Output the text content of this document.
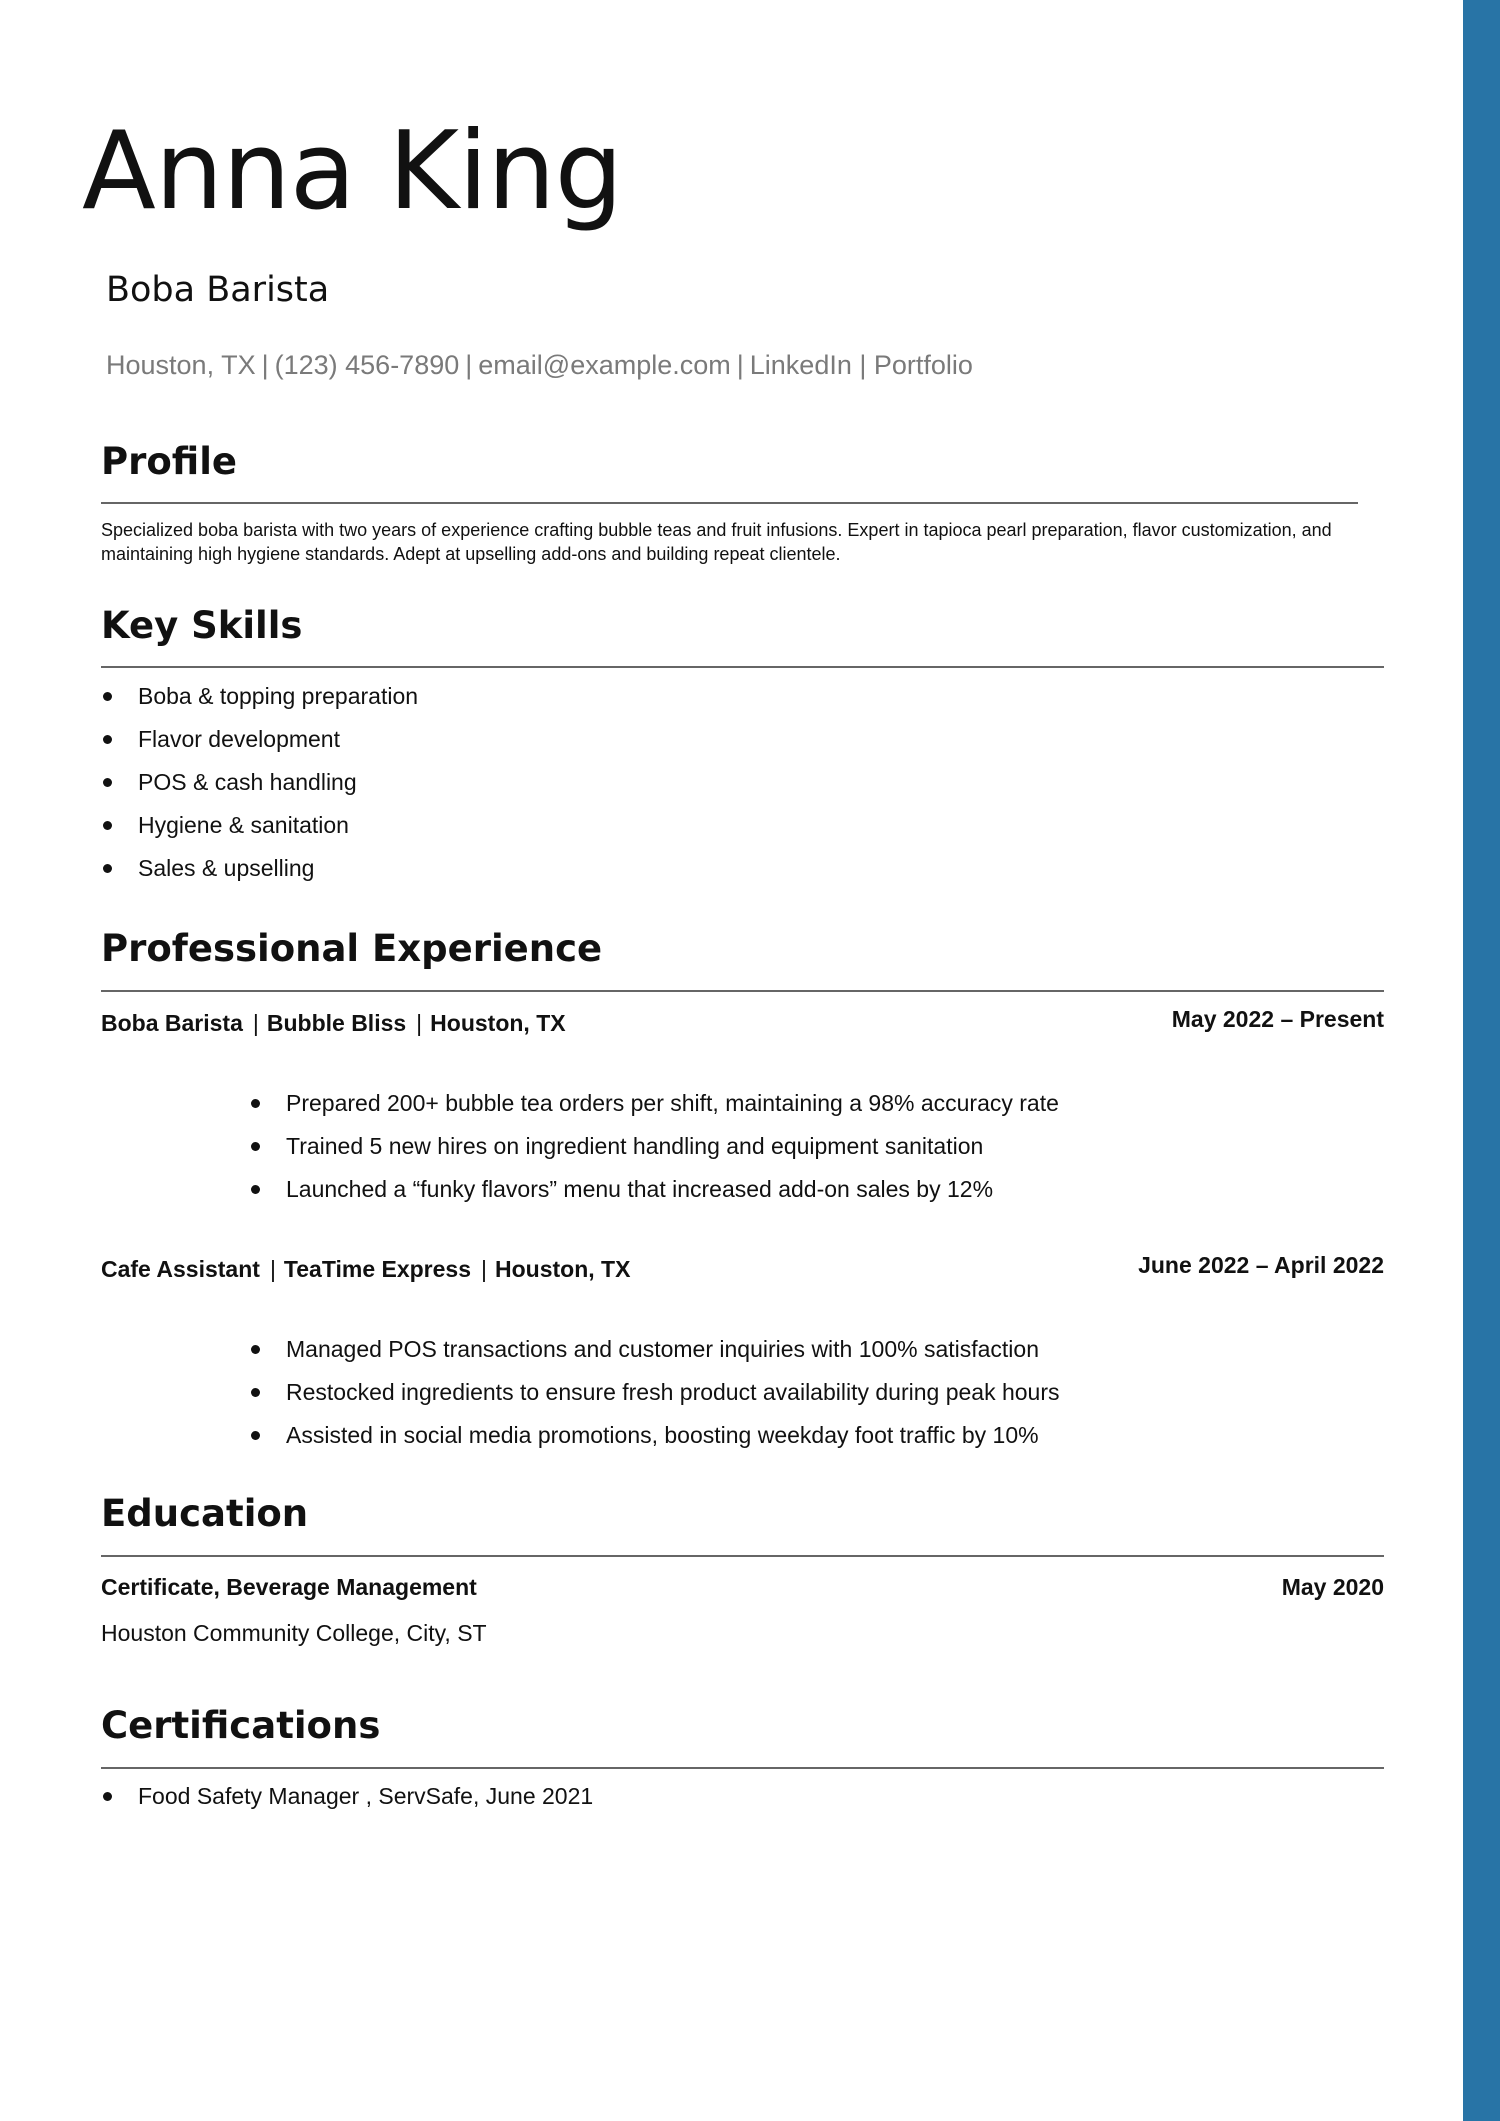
Anna King
Boba Barista
Houston, TX | (123) 456-7890 | email@example.com | LinkedIn | Portfolio
Profile
Specialized boba barista with two years of experience crafting bubble teas and fruit infusions. Expert in tapioca pearl preparation, flavor customization, and maintaining high hygiene standards. Adept at upselling add-ons and building repeat clientele.
Key Skills
Boba & topping preparation
Flavor development
POS & cash handling
Hygiene & sanitation
Sales & upselling
Professional Experience
Boba Barista | Bubble Bliss | Houston, TX	May 2022 – Present
Prepared 200+ bubble tea orders per shift, maintaining a 98% accuracy rate
Trained 5 new hires on ingredient handling and equipment sanitation
Launched a “funky flavors” menu that increased add-on sales by 12%
Cafe Assistant | TeaTime Express | Houston, TX	June 2022 – April 2022
Managed POS transactions and customer inquiries with 100% satisfaction
Restocked ingredients to ensure fresh product availability during peak hours
Assisted in social media promotions, boosting weekday foot traffic by 10%
Education
Certificate, Beverage Management	May 2020
Houston Community College, City, ST
Certifications
Food Safety Manager , ServSafe, June 2021
